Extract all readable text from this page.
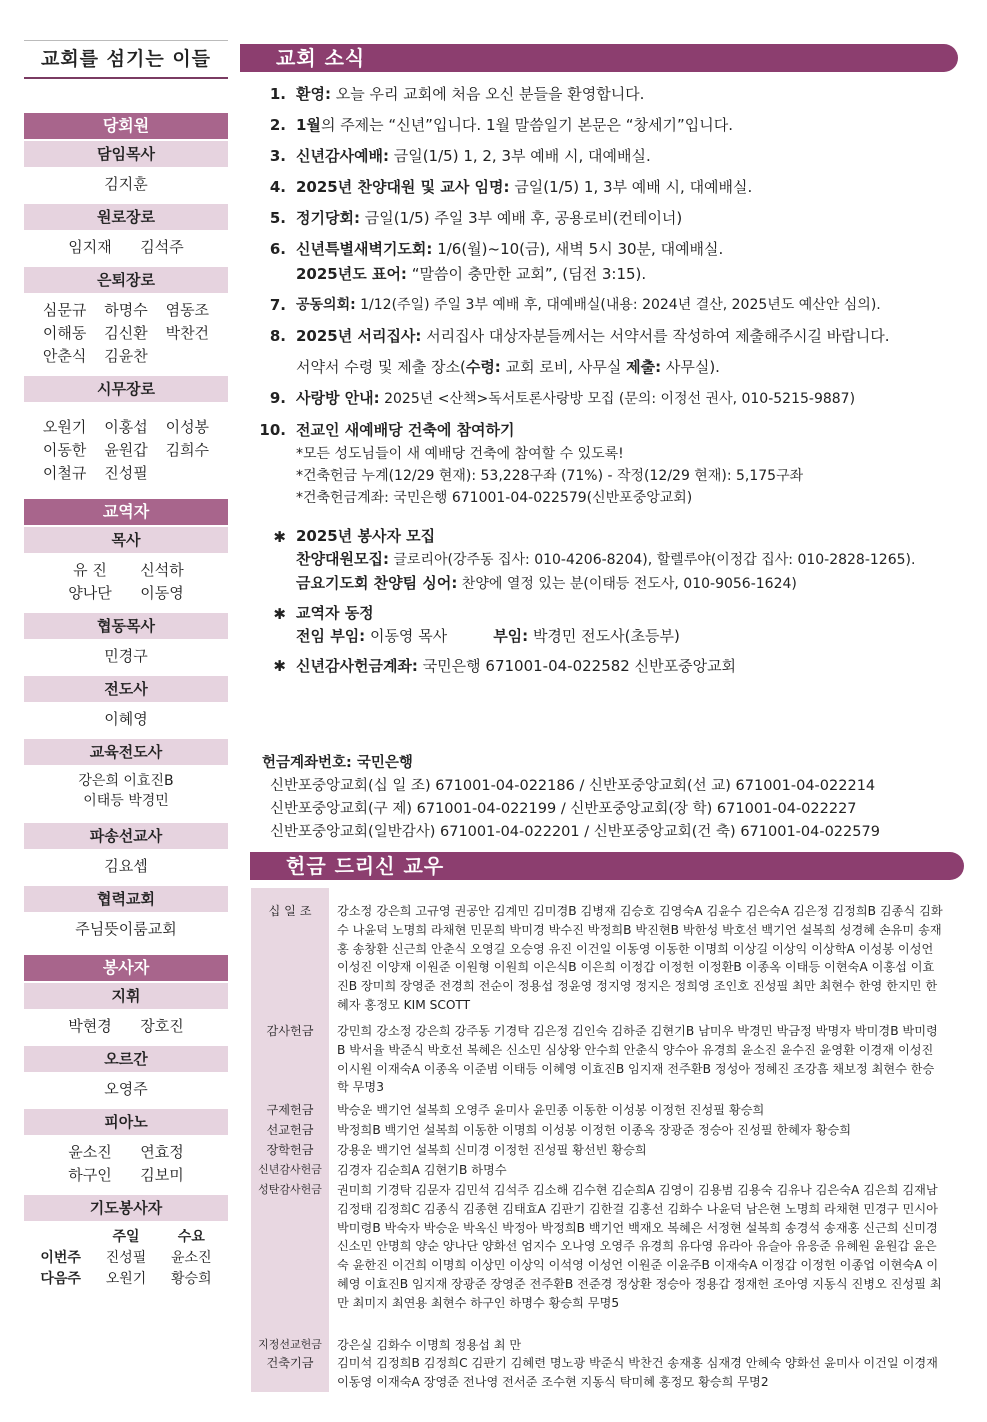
교회를 섬기는 이들
당회원
담임목사
김지훈
원로장로
임지재	김석주
은퇴장로
심문규	하명수	염동조
이해동	김신환	박찬건
안춘식	김윤찬
시무장로
오원기	이홍섭	이성봉
이동한	윤원갑	김희수
이철규	진성필
교역자
목사
유 진	신석하
양나단	이동영
협동목사
민경구
전도사
이혜영
교육전도사
강은희 이효진B
이태등 박경민
파송선교사
김요셉
협력교회
주님뜻이룸교회
봉사자
지휘
박현경	장호진
오르간
오영주
피아노
윤소진	연효정
하구인	김보미
기도봉사자
	주일	수요
이번주	진성필	윤소진
다음주	오원기	황승희
교회 소식
1. 환영: 오늘 우리 교회에 처음 오신 분들을 환영합니다.
2. 1월의 주제는 “신년”입니다. 1월 말씀일기 본문은 “창세기”입니다.
3. 신년감사예배: 금일(1/5) 1, 2, 3부 예배 시, 대예배실.
4. 2025년 찬양대원 및 교사 임명: 금일(1/5) 1, 3부 예배 시, 대예배실.
5. 정기당회: 금일(1/5) 주일 3부 예배 후, 공용로비(컨테이너)
6. 신년특별새벽기도회: 1/6(월)~10(금), 새벽 5시 30분, 대예배실.
2025년도 표어: “말씀이 충만한 교회”, (딤전 3:15).
7. 공동의회: 1/12(주일) 주일 3부 예배 후, 대예배실(내용: 2024년 결산, 2025년도 예산안 심의).
8. 2025년 서리집사: 서리집사 대상자분들께서는 서약서를 작성하여 제출해주시길 바랍니다.
서약서 수령 및 제출 장소(수령: 교회 로비, 사무실 제출: 사무실).
9. 사랑방 안내: 2025년 <산책>독서토론사랑방 모집 (문의: 이정선 권사, 010-5215-9887)
10. 전교인 새예배당 건축에 참여하기
*모든 성도님들이 새 예배당 건축에 참여할 수 있도록!
*건축헌금 누계(12/29 현재): 53,228구좌 (71%) - 작정(12/29 현재): 5,175구좌
*건축헌금계좌: 국민은행 671001-04-022579(신반포중앙교회)
✱ 2025년 봉사자 모집
찬양대원모집: 글로리아(강주동 집사: 010-4206-8204), 할렐루야(이정갑 집사: 010-2828-1265).
금요기도회 찬양팀 싱어: 찬양에 열정 있는 분(이태등 전도사, 010-9056-1624)
✱ 교역자 동정
전임 부임: 이동영 목사	부임: 박경민 전도사(초등부)
✱ 신년감사헌금계좌: 국민은행 671001-04-022582 신반포중앙교회
헌금계좌번호: 국민은행
신반포중앙교회(십 일 조) 671001-04-022186 / 신반포중앙교회(선 교) 671001-04-022214
신반포중앙교회(구 제) 671001-04-022199 / 신반포중앙교회(장 학) 671001-04-022227
신반포중앙교회(일반감사) 671001-04-022201 / 신반포중앙교회(건 축) 671001-04-022579
헌금 드리신 교우
십 일 조	강소정 강은희 고규영 권공안 김계민 김미경B 김병재 김승호 김영숙A 김윤수 김은숙A 김은정 김정희B 김종식 김화수 나윤덕 노명희 라채현 민문희 박미경 박수진 박정희B 박진현B 박한성 박호선 백기언 설복희 성경혜 손유미 송재홍 송창환 신근희 안춘식 오영길 오승영 유진 이건일 이동영 이동한 이명희 이상길 이상익 이상학A 이성봉 이성언 이성진 이양재 이원준 이원형 이원희 이은식B 이은희 이정갑 이정헌 이정환B 이종옥 이태등 이현숙A 이홍섭 이효진B 장미희 장영준 전경희 전순이 정용섭 정윤영 정지영 정지은 정희영 조인호 진성필 최만 최현수 한영 한지민 한혜자 홍정모 KIM SCOTT
감사헌금	강민희 강소정 강은희 강주동 기경탁 김은정 김인숙 김하준 김현기B 남미우 박경민 박금정 박명자 박미경B 박미령B 박서율 박준식 박호선 복혜은 신소민 심상왕 안수희 안춘식 양수아 유경희 윤소진 윤수진 윤영환 이경재 이성진 이시원 이재숙A 이종옥 이준범 이태등 이혜영 이효진B 임지재 전주환B 정성아 정혜진 조강흠 채보정 최현수 한승학 무명3
구제헌금	박승운 백기언 설복희 오영주 윤미사 윤민종 이동한 이성봉 이정헌 진성필 황승희
선교헌금	박정희B 백기언 설복희 이동한 이명희 이성봉 이정헌 이종옥 장광준 정승아 진성필 한혜자 황승희
장학헌금	강용운 백기언 설복희 신미경 이정헌 진성필 황선빈 황승희
신년감사헌금	김경자 김순희A 김현기B 하명수
성탄감사헌금	권미희 기경탁 김문자 김민석 김석주 김소해 김수현 김순희A 김영이 김용범 김용숙 김유나 김은숙A 김은희 김재남 김정태 김정희C 김종식 김종현 김태효A 김판기 김한걸 김홍선 김화수 나윤덕 남은현 노명희 라채현 민경구 민시아 박미령B 박숙자 박승운 박옥신 박정아 박정희B 백기언 백재오 복혜은 서정현 설복희 송경석 송재홍 신근희 신미경 신소민 안명희 양순 양나단 양화선 엄지수 오나영 오영주 유경희 유다영 유라아 유슬아 유응준 유혜원 윤원갑 윤은숙 윤한진 이건희 이명희 이상민 이상익 이석영 이성언 이원준 이윤주B 이재숙A 이정갑 이정헌 이종업 이현숙A 이혜영 이효진B 임지재 장광준 장영준 전주환B 전준경 정상환 정승아 정용갑 정재헌 조아영 지동식 진병오 진성필 최만 최미지 최연용 최현수 하구인 하명수 황승희 무명5
지정선교헌금	강은실 김화수 이명희 정용섭 최 만
건축기금	김미석 김정희B 김정희C 김판기 김혜련 명노광 박준식 박찬건 송재홍 심재경 안혜숙 양화선 윤미사 이건일 이경재 이동영 이재숙A 장영준 전나영 전서준 조수현 지동식 탁미혜 홍정모 황승희 무명2
